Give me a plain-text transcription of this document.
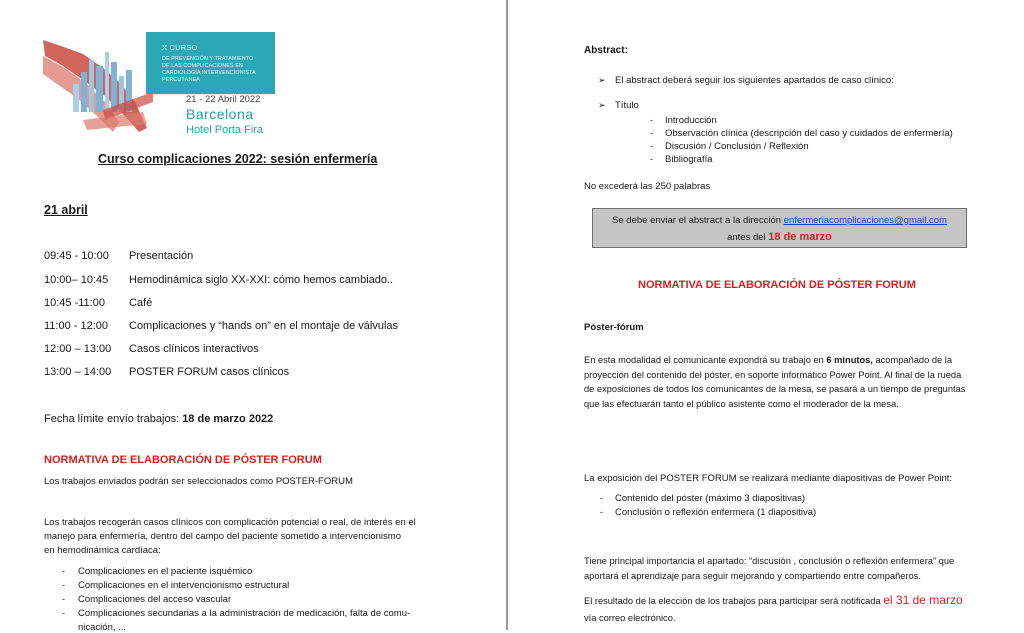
X CURSO
DE PREVENCIÓN Y TRATAMIENTO
DE LAS COMPLICACIONES EN
CARDIOLOGÍA INTERVENCIONISTA
PERCUTÁNEA
21 - 22 Abril 2022
Barcelona
Hotel Porta Fira
Curso complicaciones 2022: sesión enfermería
21 abril
09:45 - 10:00 Presentación
10:00– 10:45 Hemodinámica siglo XX-XXI: cómo hemos cambiado..
10:45 -11:00 Café
11:00 - 12:00 Complicaciones y “hands on” en el montaje de válvulas
12:00 – 13:00 Casos clínicos interactivos
13:00 – 14:00 POSTER FORUM casos clínicos
Fecha límite envío trabajos: 18 de marzo 2022
NORMATIVA DE ELABORACIÓN DE PÓSTER FORUM
Los trabajos enviados podrán ser seleccionados como POSTER-FORUM
Los trabajos recogerán casos clínicos con complicación potencial o real, de interés en el
manejo para enfermería, dentro del campo del paciente sometido a intervencionismo
en hemodinámica cardíaca:
- Complicaciones en el paciente isquémico
- Complicaciones en el intervencionismo estructural
- Complicaciones del acceso vascular
- Complicaciones secundarias a la administración de medicación, falta de comu-
nicación, ...
Abstract:
➢ El abstract deberá seguir los siguientes apartados de caso clínico:
➢ Título
- Introducción
- Observación clínica (descripción del caso y cuidados de enfermería)
- Discusión / Conclusión / Reflexión
- Bibliografía
No excederá las 250 palabras
Se debe enviar el abstract a la dirección enfermeriacomplicaciones@gmail.com
antes del 18 de marzo
NORMATIVA DE ELABORACIÓN DE PÓSTER FORUM
Póster-fórum
En esta modalidad el comunicante expondrá su trabajo en 6 minutos, acompañado de la proyección del contenido del póster, en soporte informático Power Point. Al final de la rueda de exposiciones de todos los comunicantes de la mesa, se pasará a un tiempo de preguntas que las efectuarán tanto el público asistente como el moderador de la mesa.
La exposición del POSTER FORUM se realizará mediante diapositivas de Power Point:
- Contenido del póster (máximo 3 diapositivas)
- Conclusión o reflexión enfermera (1 diapositiva)
Tiene principal importancia el apartado: “discusión , conclusión o reflexión enfermera” que aportará el aprendizaje para seguir mejorando y compartiendo entre compañeros.
El resultado de la elección de los trabajos para participar será notificada el 31 de marzo vía correo electrónico.
